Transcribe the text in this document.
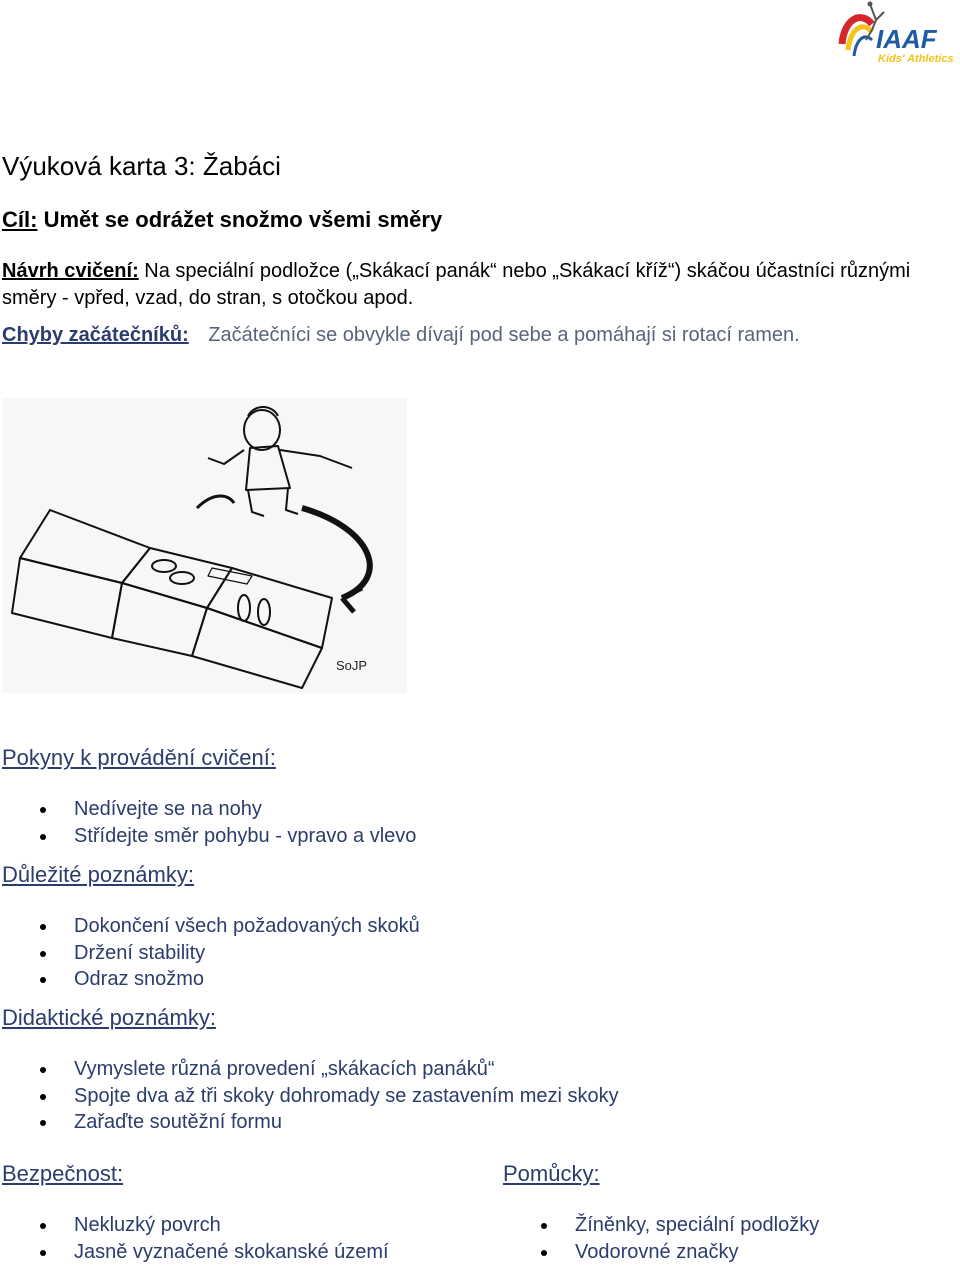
IAAF
Kids' Athletics
Výuková karta 3: Žabáci
Cíl: Umět se odrážet snožmo všemi směry
Návrh cvičení: Na speciální podložce („Skákací panák“ nebo „Skákací kříž“) skáčou účastníci různými směry - vpřed, vzad, do stran, s otočkou apod.
Chyby začátečníků: Začátečníci se obvykle dívají pod sebe a pomáhají si rotací ramen.
SoJP
Pokyny k provádění cvičení:
Nedívejte se na nohy
Střídejte směr pohybu - vpravo a vlevo
Důležité poznámky:
Dokončení všech požadovaných skoků
Držení stability
Odraz snožmo
Didaktické poznámky:
Vymyslete různá provedení „skákacích panáků“
Spojte dva až tři skoky dohromady se zastavením mezi skoky
Zařaďte soutěžní formu
Bezpečnost:
Nekluzký povrch
Jasně vyznačené skokanské území
Pomůcky:
Žíněnky, speciální podložky
Vodorovné značky
